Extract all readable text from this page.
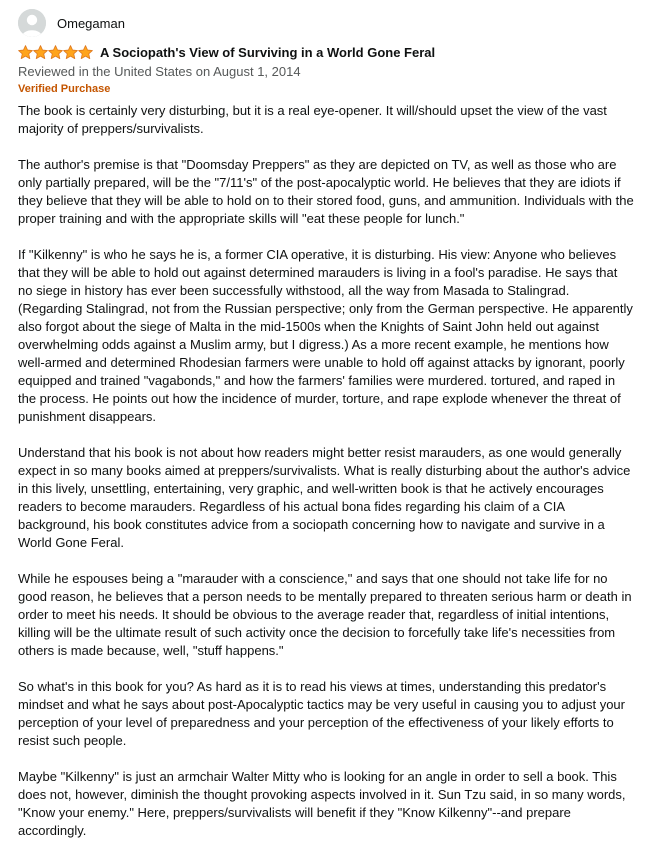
Omegaman
A Sociopath's View of Surviving in a World Gone Feral
Reviewed in the United States on August 1, 2014
Verified Purchase

The book is certainly very disturbing, but it is a real eye-opener. It will/should upset the view of the vast majority of preppers/survivalists.

The author's premise is that "Doomsday Preppers" as they are depicted on TV, as well as those who are only partially prepared, will be the "7/11's" of the post-apocalyptic world. He believes that they are idiots if they believe that they will be able to hold on to their stored food, guns, and ammunition. Individuals with the proper training and with the appropriate skills will "eat these people for lunch."

If "Kilkenny" is who he says he is, a former CIA operative, it is disturbing. His view: Anyone who believes that they will be able to hold out against determined marauders is living in a fool's paradise. He says that no siege in history has ever been successfully withstood, all the way from Masada to Stalingrad. (Regarding Stalingrad, not from the Russian perspective; only from the German perspective. He apparently also forgot about the siege of Malta in the mid-1500s when the Knights of Saint John held out against overwhelming odds against a Muslim army, but I digress.) As a more recent example, he mentions how well-armed and determined Rhodesian farmers were unable to hold off against attacks by ignorant, poorly equipped and trained "vagabonds," and how the farmers' families were murdered. tortured, and raped in the process. He points out how the incidence of murder, torture, and rape explode whenever the threat of punishment disappears.

Understand that his book is not about how readers might better resist marauders, as one would generally expect in so many books aimed at preppers/survivalists. What is really disturbing about the author's advice in this lively, unsettling, entertaining, very graphic, and well-written book is that he actively encourages readers to become marauders. Regardless of his actual bona fides regarding his claim of a CIA background, his book constitutes advice from a sociopath concerning how to navigate and survive in a World Gone Feral.

While he espouses being a "marauder with a conscience," and says that one should not take life for no good reason, he believes that a person needs to be mentally prepared to threaten serious harm or death in order to meet his needs. It should be obvious to the average reader that, regardless of initial intentions, killing will be the ultimate result of such activity once the decision to forcefully take life's necessities from others is made because, well, "stuff happens."

So what's in this book for you? As hard as it is to read his views at times, understanding this predator's mindset and what he says about post-Apocalyptic tactics may be very useful in causing you to adjust your perception of your level of preparedness and your perception of the effectiveness of your likely efforts to resist such people.

Maybe "Kilkenny" is just an armchair Walter Mitty who is looking for an angle in order to sell a book. This does not, however, diminish the thought provoking aspects involved in it. Sun Tzu said, in so many words, "Know your enemy." Here, preppers/survivalists will benefit if they "Know Kilkenny"--and prepare accordingly.
